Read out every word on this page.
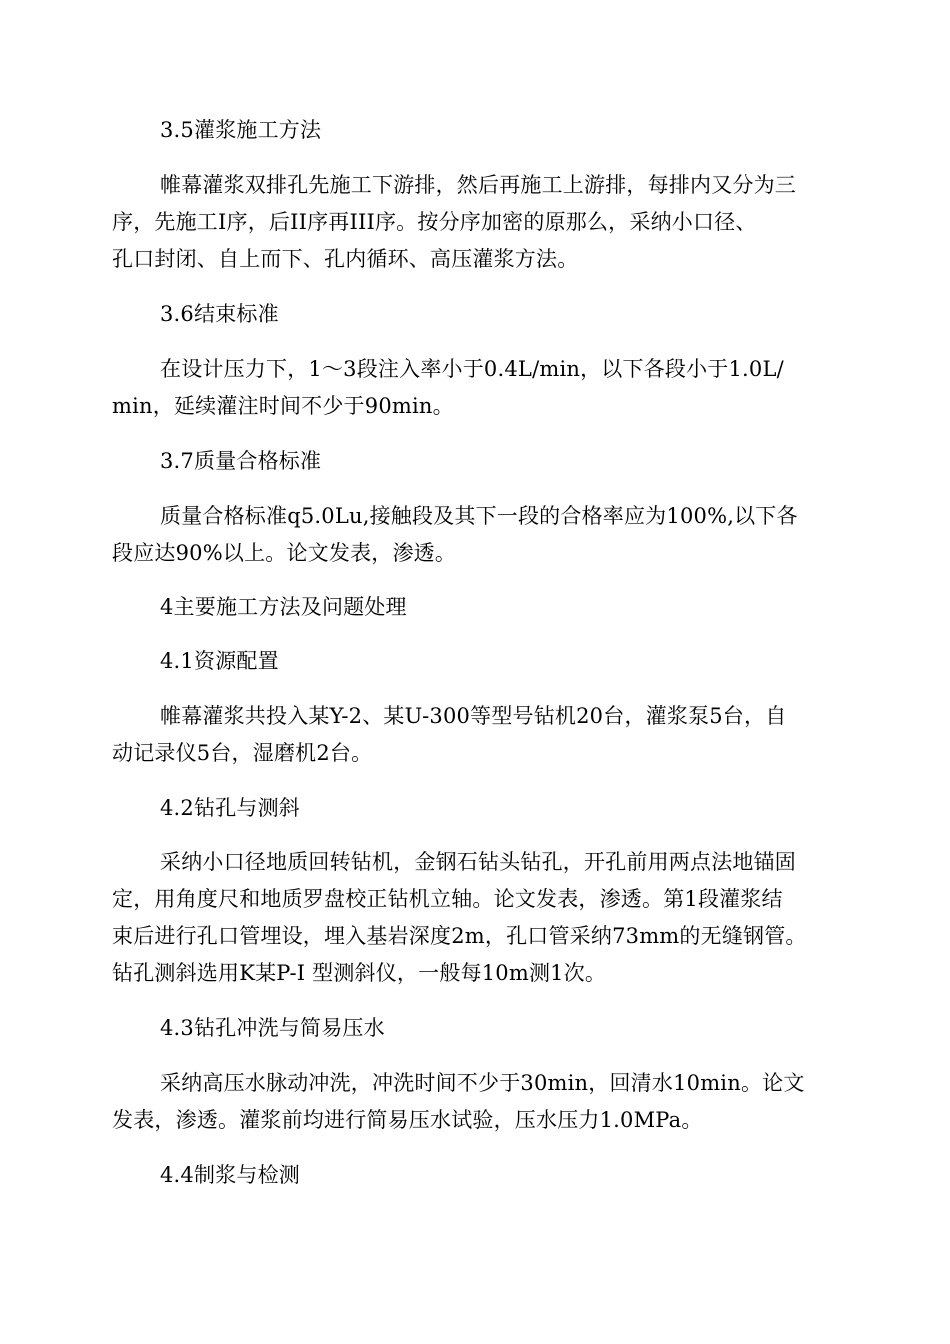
3.5灌浆施工方法
帷幕灌浆双排孔先施工下游排，然后再施工上游排，每排内又分为三
序，先施工I序，后II序再III序。按分序加密的原那么，采纳小口径、
孔口封闭、自上而下、孔内循环、高压灌浆方法。
3.6结束标准
在设计压力下，1～3段注入率小于0.4L/min，以下各段小于1.0L/
min，延续灌注时间不少于90min。
3.7质量合格标准
质量合格标准q5.0Lu,接触段及其下一段的合格率应为100%,以下各
段应达90%以上。论文发表，渗透。
4主要施工方法及问题处理
4.1资源配置
帷幕灌浆共投入某Y-2、某U-300等型号钻机20台，灌浆泵5台，自
动记录仪5台，湿磨机2台。
4.2钻孔与测斜
采纳小口径地质回转钻机，金钢石钻头钻孔，开孔前用两点法地锚固
定，用角度尺和地质罗盘校正钻机立轴。论文发表，渗透。第1段灌浆结
束后进行孔口管埋设，埋入基岩深度2m，孔口管采纳73mm的无缝钢管。
钻孔测斜选用K某P-Ⅰ 型测斜仪，一般每10m测1次。
4.3钻孔冲洗与简易压水
采纳高压水脉动冲洗，冲洗时间不少于30min，回清水10min。论文
发表，渗透。灌浆前均进行简易压水试验，压水压力1.0MPa。
4.4制浆与检测
